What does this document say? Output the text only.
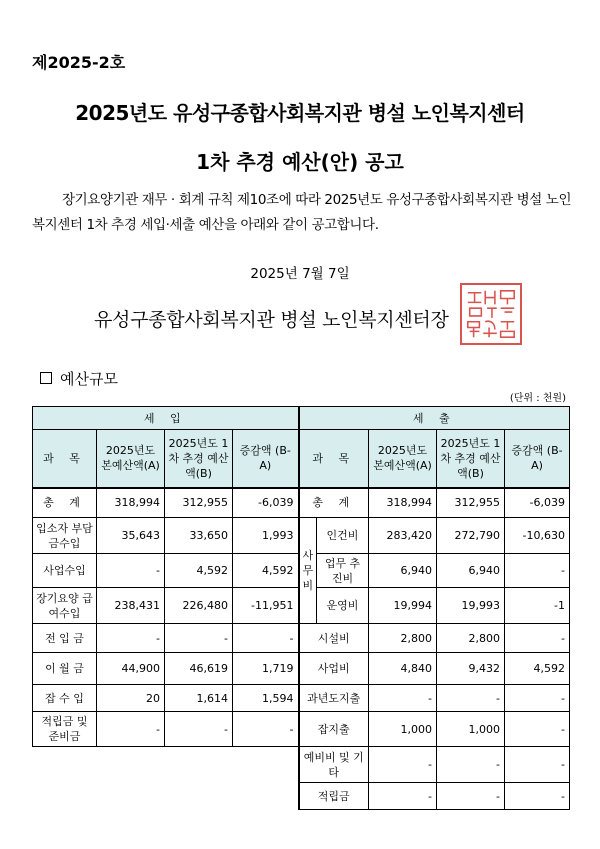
제2025-2호
2025년도 유성구종합사회복지관 병설 노인복지센터
1차 추경 예산(안) 공고
장기요양기관 재무 · 회계 규칙 제10조에 따라 2025년도 유성구종합사회복지관 병설 노인복지센터 1차 추경 세입·세출 예산을 아래와 같이 공고합니다.
2025년 7월 7일
유성구종합사회복지관 병설 노인복지센터장
예산규모
(단위 : 천원)
세 입				세 출				
과 목	2025년도 본예산액(A)	2025년도 1차 추경 예산액(B)	증감액 (B-A)	과 목		2025년도 본예산액(A)	2025년도 1차 추경 예산액(B)	증감액 (B-A)
총 계	318,994	312,955	-6,039	총 계		318,994	312,955	-6,039
입소자 부담금수입	35,643	33,650	1,993	사무비	인건비	283,420	272,790	-10,630
사업수입	-	4,592	4,592		업무 추진비	6,940	6,940	-
장기요양 급여수입	238,431	226,480	-11,951		운영비	19,994	19,993	-1
전 입 금	-	-	-	시설비		2,800	2,800	-
이 월 금	44,900	46,619	1,719	사업비		4,840	9,432	4,592
잡 수 입	20	1,614	1,594	과년도지출		-	-	-
적립금 및 준비금	-	-	-	잡지출		1,000	1,000	-
				예비비 및 기타		-	-	-
				적립금		-	-	-
